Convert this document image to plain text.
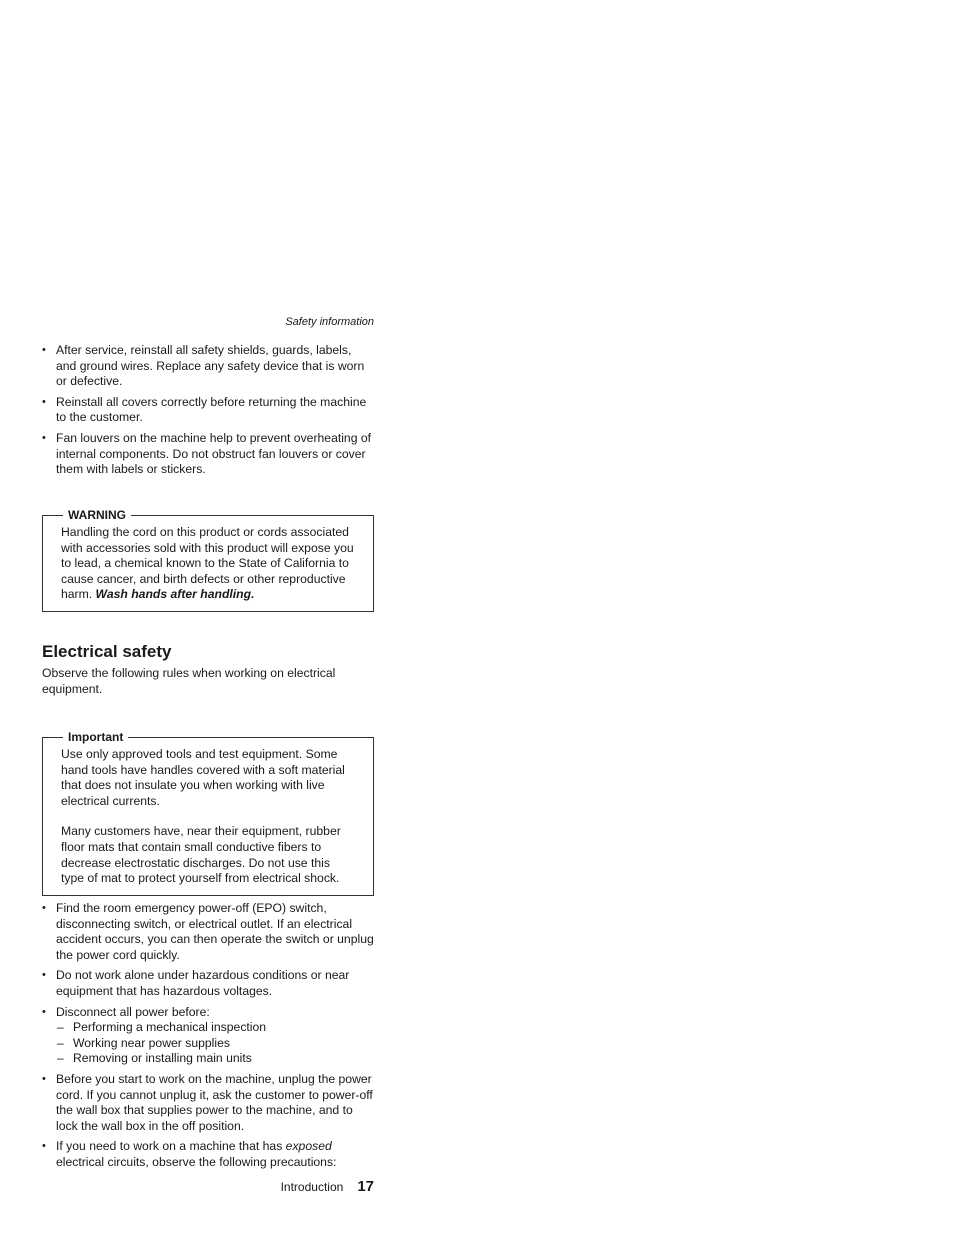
Safety information
• After service, reinstall all safety shields, guards, labels, and ground wires. Replace any safety device that is worn or defective.
• Reinstall all covers correctly before returning the machine to the customer.
• Fan louvers on the machine help to prevent overheating of internal components. Do not obstruct fan louvers or cover them with labels or stickers.
WARNING

Handling the cord on this product or cords associated with accessories sold with this product will expose you to lead, a chemical known to the State of California to cause cancer, and birth defects or other reproductive harm. Wash hands after handling.

Electrical safety

Observe the following rules when working on electrical equipment.

Important

Use only approved tools and test equipment. Some hand tools have handles covered with a soft material that does not insulate you when working with live electrical currents.

Many customers have, near their equipment, rubber floor mats that contain small conductive fibers to decrease electrostatic discharges. Do not use this type of mat to protect yourself from electrical shock.

• Find the room emergency power-off (EPO) switch, disconnecting switch, or electrical outlet. If an electrical accident occurs, you can then operate the switch or unplug the power cord quickly.
• Do not work alone under hazardous conditions or near equipment that has hazardous voltages.
• Disconnect all power before:
– Performing a mechanical inspection
– Working near power supplies
– Removing or installing main units
• Before you start to work on the machine, unplug the power cord. If you cannot unplug it, ask the customer to power-off the wall box that supplies power to the machine, and to lock the wall box in the off position.
• If you need to work on a machine that has exposed electrical circuits, observe the following precautions:
Introduction 17
